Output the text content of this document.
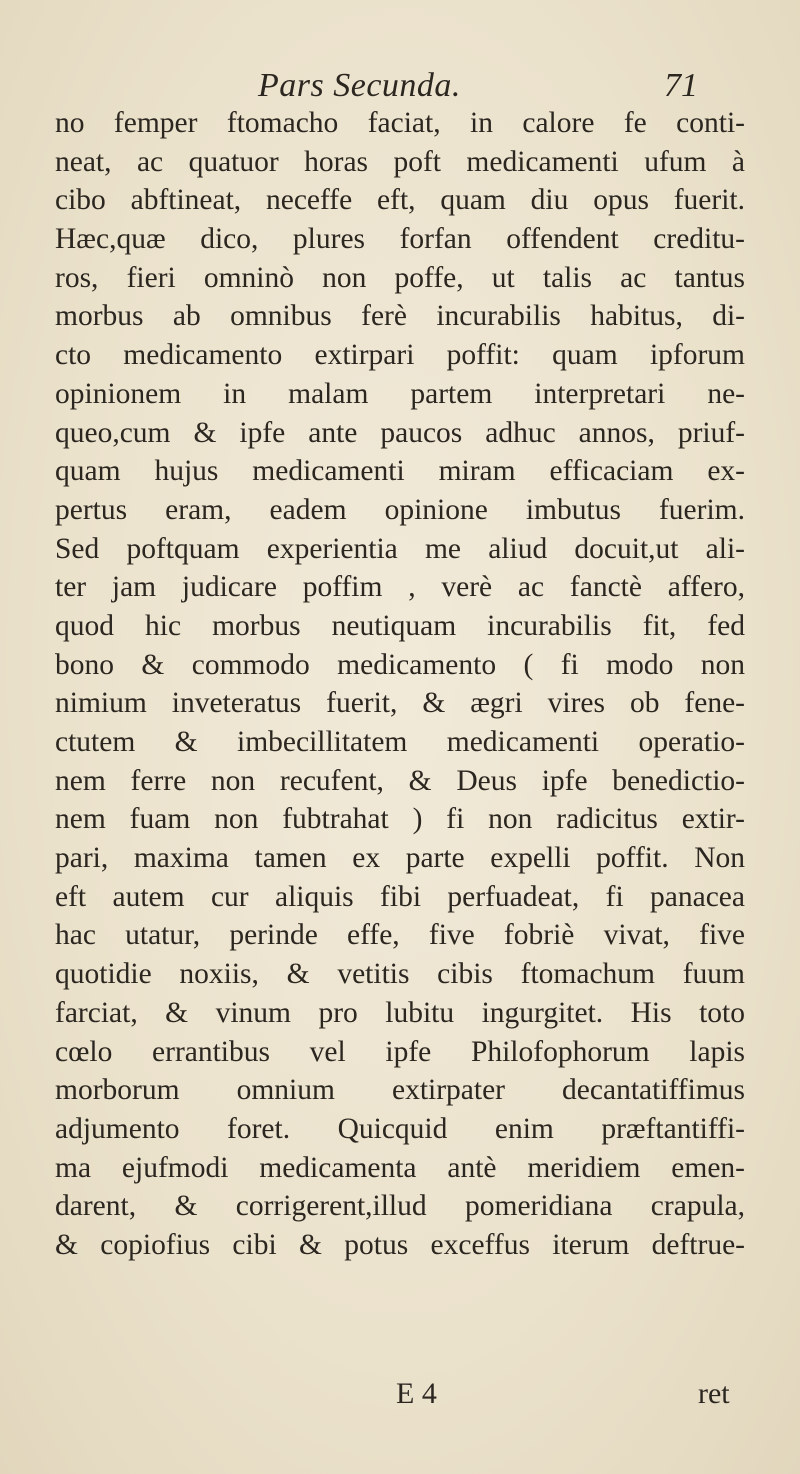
Pars Secunda.	71
no femper ftomacho faciat, in calore fe conti-
neat, ac quatuor horas poft medicamenti ufum à
cibo abftineat, neceffe eft, quam diu opus fuerit.
Hæc,quæ dico, plures forfan offendent creditu-
ros, fieri omninò non poffe, ut talis ac tantus
morbus ab omnibus ferè incurabilis habitus, di-
cto medicamento extirpari poffit: quam ipforum
opinionem in malam partem interpretari ne-
queo,cum & ipfe ante paucos adhuc annos, priuf-
quam hujus medicamenti miram efficaciam ex-
pertus eram, eadem opinione imbutus fuerim.
Sed poftquam experientia me aliud docuit,ut ali-
ter jam judicare poffim , verè ac fanctè affero,
quod hic morbus neutiquam incurabilis fit, fed
bono & commodo medicamento ( fi modo non
nimium inveteratus fuerit, & ægri vires ob fene-
ctutem & imbecillitatem medicamenti operatio-
nem ferre non recufent, & Deus ipfe benedictio-
nem fuam non fubtrahat ) fi non radicitus extir-
pari, maxima tamen ex parte expelli poffit. Non
eft autem cur aliquis fibi perfuadeat, fi panacea
hac utatur, perinde effe, five fobriè vivat, five
quotidie noxiis, & vetitis cibis ftomachum fuum
farciat, & vinum pro lubitu ingurgitet. His toto
cœlo errantibus vel ipfe Philofophorum lapis
morborum omnium extirpater decantatiffimus
adjumento foret. Quicquid enim præftantiffi-
ma ejufmodi medicamenta antè meridiem emen-
darent, & corrigerent,illud pomeridiana crapula,
& copiofius cibi & potus exceffus iterum deftrue-
E 4	ret
